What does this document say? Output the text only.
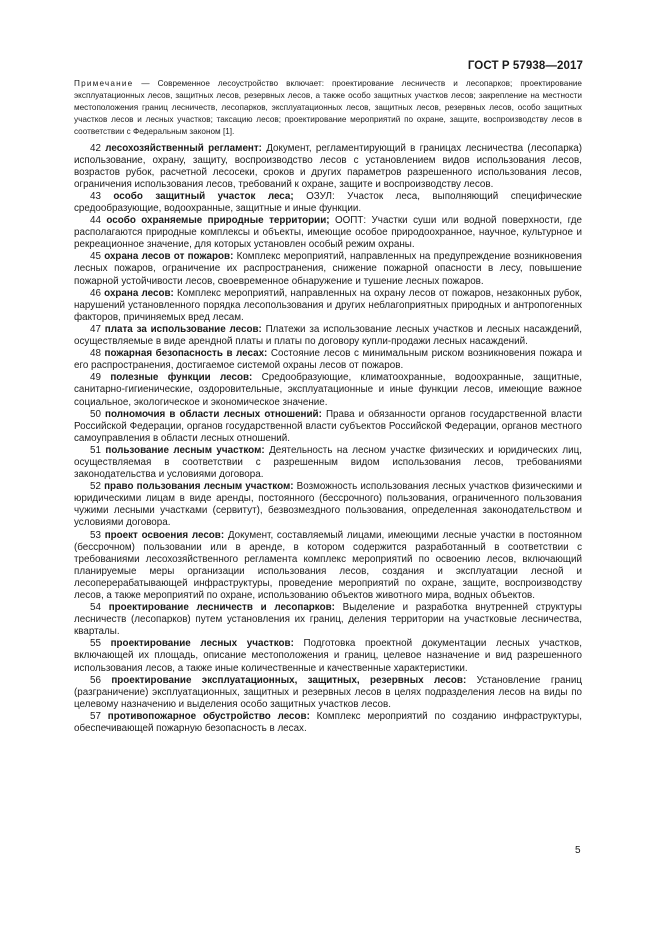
ГОСТ Р 57938—2017

Примечание — Современное лесоустройство включает: проектирование лесничеств и лесопарков; проектирование эксплуатационных лесов, защитных лесов, резервных лесов, а также особо защитных участков лесов; закрепление на местности местоположения границ лесничеств, лесопарков, эксплуатационных лесов, защитных лесов, резервных лесов, особо защитных участков лесов и лесных участков; таксацию лесов; проектирование мероприятий по охране, защите, воспроизводству лесов в соответствии с Федеральным законом [1].

42 лесохозяйственный регламент: Документ, регламентирующий в границах лесничества (лесопарка) использование, охрану, защиту, воспроизводство лесов с установлением видов использования лесов, возрастов рубок, расчетной лесосеки, сроков и других параметров разрешенного использования лесов, ограничения использования лесов, требований к охране, защите и воспроизводству лесов.

43 особо защитный участок леса; ОЗУЛ: Участок леса, выполняющий специфические средообразующие, водоохранные, защитные и иные функции.

44 особо охраняемые природные территории; ООПТ: Участки суши или водной поверхности, где располагаются природные комплексы и объекты, имеющие особое природоохранное, научное, культурное и рекреационное значение, для которых установлен особый режим охраны.

45 охрана лесов от пожаров: Комплекс мероприятий, направленных на предупреждение возникновения лесных пожаров, ограничение их распространения, снижение пожарной опасности в лесу, повышение пожарной устойчивости лесов, своевременное обнаружение и тушение лесных пожаров.

46 охрана лесов: Комплекс мероприятий, направленных на охрану лесов от пожаров, незаконных рубок, нарушений установленного порядка лесопользования и других неблагоприятных природных и антропогенных факторов, причиняемых вред лесам.

47 плата за использование лесов: Платежи за использование лесных участков и лесных насаждений, осуществляемые в виде арендной платы и платы по договору купли-продажи лесных насаждений.

48 пожарная безопасность в лесах: Состояние лесов с минимальным риском возникновения пожара и его распространения, достигаемое системой охраны лесов от пожаров.

49 полезные функции лесов: Средообразующие, климатоохранные, водоохранные, защитные, санитарно-гигиенические, оздоровительные, эксплуатационные и иные функции лесов, имеющие важное социальное, экологическое и экономическое значение.

50 полномочия в области лесных отношений: Права и обязанности органов государственной власти Российской Федерации, органов государственной власти субъектов Российской Федерации, органов местного самоуправления в области лесных отношений.

51 пользование лесным участком: Деятельность на лесном участке физических и юридических лиц, осуществляемая в соответствии с разрешенным видом использования лесов, требованиями законодательства и условиями договора.

52 право пользования лесным участком: Возможность использования лесных участков физическими и юридическими лицам в виде аренды, постоянного (бессрочного) пользования, ограниченного пользования чужими лесными участками (сервитут), безвозмездного пользования, определенная законодательством и условиями договора.

53 проект освоения лесов: Документ, составляемый лицами, имеющими лесные участки в постоянном (бессрочном) пользовании или в аренде, в котором содержится разработанный в соответствии с требованиями лесохозяйственного регламента комплекс мероприятий по освоению лесов, включающий планируемые меры организации использования лесов, создания и эксплуатации лесной и лесоперерабатывающей инфраструктуры, проведение мероприятий по охране, защите, воспроизводству лесов, а также мероприятий по охране, использованию объектов животного мира, водных объектов.

54 проектирование лесничеств и лесопарков: Выделение и разработка внутренней структуры лесничеств (лесопарков) путем установления их границ, деления территории на участковые лесничества, кварталы.

55 проектирование лесных участков: Подготовка проектной документации лесных участков, включающей их площадь, описание местоположения и границ, целевое назначение и вид разрешенного использования лесов, а также иные количественные и качественные характеристики.

56 проектирование эксплуатационных, защитных, резервных лесов: Установление границ (разграничение) эксплуатационных, защитных и резервных лесов в целях подразделения лесов на виды по целевому назначению и выделения особо защитных участков лесов.

57 противопожарное обустройство лесов: Комплекс мероприятий по созданию инфраструктуры, обеспечивающей пожарную безопасность в лесах.

5
